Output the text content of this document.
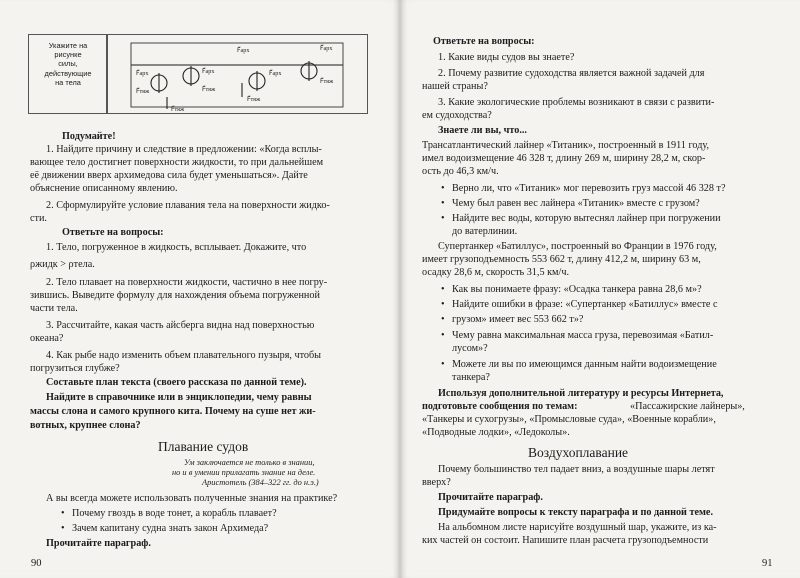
Укажите на
рисунке
силы,
действующие
на тела
F⃗арх	F⃗арх
F⃗тяж
F⃗тяж
F⃗арх	F⃗арх
F⃗тяж
F⃗арх
F⃗тяж
F⃗тяж
Подумайте!
1. Найдите причину и следствие в предложении: «Когда всплы-
вающее тело достигнет поверхности жидкости, то при дальнейшем
её движении вверх архимедова сила будет уменьшаться». Дайте
объяснение описанному явлению.
2. Сформулируйте условие плавания тела на поверхности жидко-
сти.
Ответьте на вопросы:
1. Тело, погруженное в жидкость, всплывает. Докажите, что
ρжидк > ρтела.
2. Тело плавает на поверхности жидкости, частично в нее погру-
зившись. Выведите формулу для нахождения объема погруженной
части тела.
3. Рассчитайте, какая часть айсберга видна над поверхностью
океана?
4. Как рыбе надо изменить объем плавательного пузыря, чтобы
погрузиться глубже?
Составьте план текста (своего рассказа по данной теме).
Найдите в справочнике или в энциклопедии, чему равны
массы слона и самого крупного кита. Почему на суше нет жи-
вотных, крупнее слона?
Плавание судов
Ум заключается не только в знании,
но и в умении прилагать знание на деле.
Аристотель (384–322 гг. до н.э.)
А вы всегда можете использовать полученные знания на практике?
• Почему гвоздь в воде тонет, а корабль плавает?
• Зачем капитану судна знать закон Архимеда?
Прочитайте параграф.
90
Ответьте на вопросы:
1. Какие виды судов вы знаете?
2. Почему развитие судоходства является важной задачей для
нашей страны?
3. Какие экологические проблемы возникают в связи с развити-
ем судоходства?
Знаете ли вы, что...
Трансатлантический лайнер «Титаник», построенный в 1911 году,
имел водоизмещение 46 328 т, длину 269 м, ширину 28,2 м, скор-
ость до 46,3 км/ч.
• Верно ли, что «Титаник» мог перевозить груз массой 46 328 т?
• Чему был равен вес лайнера «Титаник» вместе с грузом?
• Найдите вес воды, которую вытеснял лайнер при погружении
до ватерлинии.
Супертанкер «Батиллус», построенный во Франции в 1976 году,
имеет грузоподъемность 553 662 т, длину 412,2 м, ширину 63 м,
осадку 28,6 м, скорость 31,5 км/ч.
• Как вы понимаете фразу: «Осадка танкера равна 28,6 м»?
• Найдите ошибки в фразе: «Супертанкер «Батиллус» вместе с
• грузом» имеет вес 553 662 т»?
• Чему равна максимальная масса груза, перевозимая «Батил-
лусом»?
• Можете ли вы по имеющимся данным найти водоизмещение
танкера?
Используя дополнительной литературу и ресурсы Интернета,
подготовьте сообщения по темам:	«Пассажирские лайнеры»,
«Танкеры и сухогрузы», «Промысловые суда», «Военные корабли»,
«Подводные лодки», «Ледоколы».
Воздухоплавание
Почему большинство тел падает вниз, а воздушные шары летят
вверх?
Прочитайте параграф.
Придумайте вопросы к тексту параграфа и по данной теме.
На альбомном листе нарисуйте воздушный шар, укажите, из ка-
ких частей он состоит. Напишите план расчета грузоподъемности
91
